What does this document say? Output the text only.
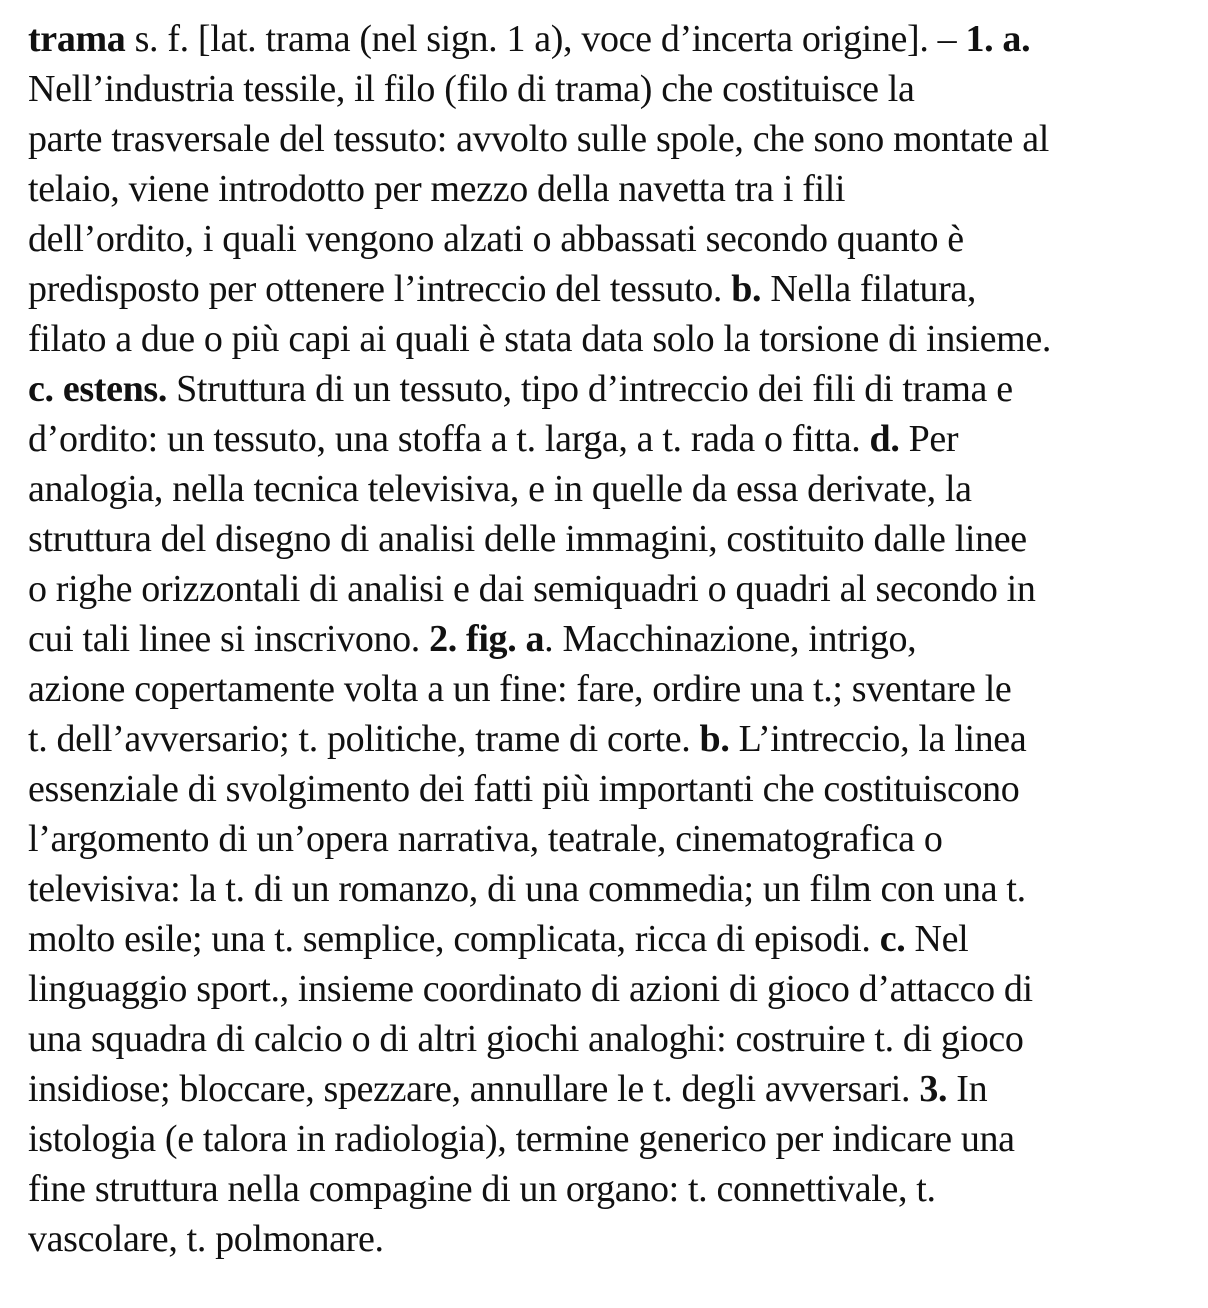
trama s. f. [lat. trama (nel sign. 1 a), voce d’incerta origine]. – 1. a.
Nell’industria tessile, il filo (filo di trama) che costituisce la
parte trasversale del tessuto: avvolto sulle spole, che sono montate al
telaio, viene introdotto per mezzo della navetta tra i fili
dell’ordito, i quali vengono alzati o abbassati secondo quanto è
predisposto per ottenere l’intreccio del tessuto. b. Nella filatura,
filato a due o più capi ai quali è stata data solo la torsione di insieme.
c. estens. Struttura di un tessuto, tipo d’intreccio dei fili di trama e
d’ordito: un tessuto, una stoffa a t. larga, a t. rada o fitta. d. Per
analogia, nella tecnica televisiva, e in quelle da essa derivate, la
struttura del disegno di analisi delle immagini, costituito dalle linee
o righe orizzontali di analisi e dai semiquadri o quadri al secondo in
cui tali linee si inscrivono. 2. fig. a. Macchinazione, intrigo,
azione copertamente volta a un fine: fare, ordire una t.; sventare le
t. dell’avversario; t. politiche, trame di corte. b. L’intreccio, la linea
essenziale di svolgimento dei fatti più importanti che costituiscono
l’argomento di un’opera narrativa, teatrale, cinematografica o
televisiva: la t. di un romanzo, di una commedia; un film con una t.
molto esile; una t. semplice, complicata, ricca di episodi. c. Nel
linguaggio sport., insieme coordinato di azioni di gioco d’attacco di
una squadra di calcio o di altri giochi analoghi: costruire t. di gioco
insidiose; bloccare, spezzare, annullare le t. degli avversari. 3. In
istologia (e talora in radiologia), termine generico per indicare una
fine struttura nella compagine di un organo: t. connettivale, t.
vascolare, t. polmonare.
